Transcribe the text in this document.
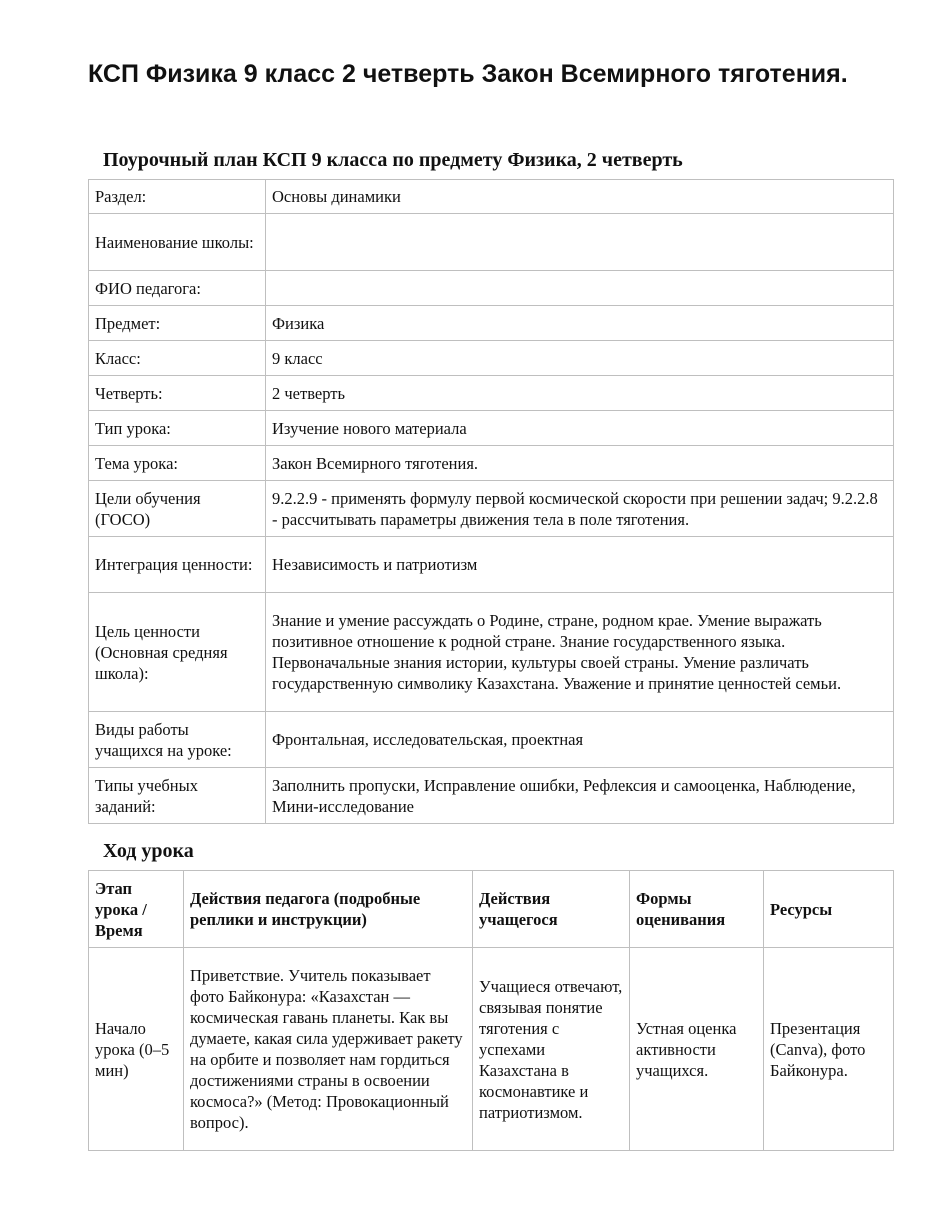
КСП Физика 9 класс 2 четверть Закон Всемирного тяготения.
Поурочный план КСП 9 класса по предмету Физика, 2 четверть
Раздел:	Основы динамики
Наименование школы:	
ФИО педагога:	
Предмет:	Физика
Класс:	9 класс
Четверть:	2 четверть
Тип урока:	Изучение нового материала
Тема урока:	Закон Всемирного тяготения.
Цели обучения (ГОСО)	9.2.2.9 - применять формулу первой космической скорости при решении задач; 9.2.2.8 - рассчитывать параметры движения тела в поле тяготения.
Интеграция ценности:	Независимость и патриотизм
Цель ценности (Основная средняя школа):	Знание и умение рассуждать о Родине, стране, родном крае. Умение выражать позитивное отношение к родной стране. Знание государственного языка. Первоначальные знания истории, культуры своей страны. Умение различать государственную символику Казахстана. Уважение и принятие ценностей семьи.
Виды работы учащихся на уроке:	Фронтальная, исследовательская, проектная
Типы учебных заданий:	Заполнить пропуски, Исправление ошибки, Рефлексия и самооценка, Наблюдение, Мини-исследование
Ход урока
Этап урока / Время	Действия педагога (подробные реплики и инструкции)	Действия учащегося	Формы оценивания	Ресурсы
Начало урока (0–5 мин)	Приветствие. Учитель показывает фото Байконура: «Казахстан — космическая гавань планеты. Как вы думаете, какая сила удерживает ракету на орбите и позволяет нам гордиться достижениями страны в освоении космоса?» (Метод: Провокационный вопрос).	Учащиеся отвечают, связывая понятие тяготения с успехами Казахстана в космонавтике и патриотизмом.	Устная оценка активности учащихся.	Презентация (Canva), фото Байконура.
